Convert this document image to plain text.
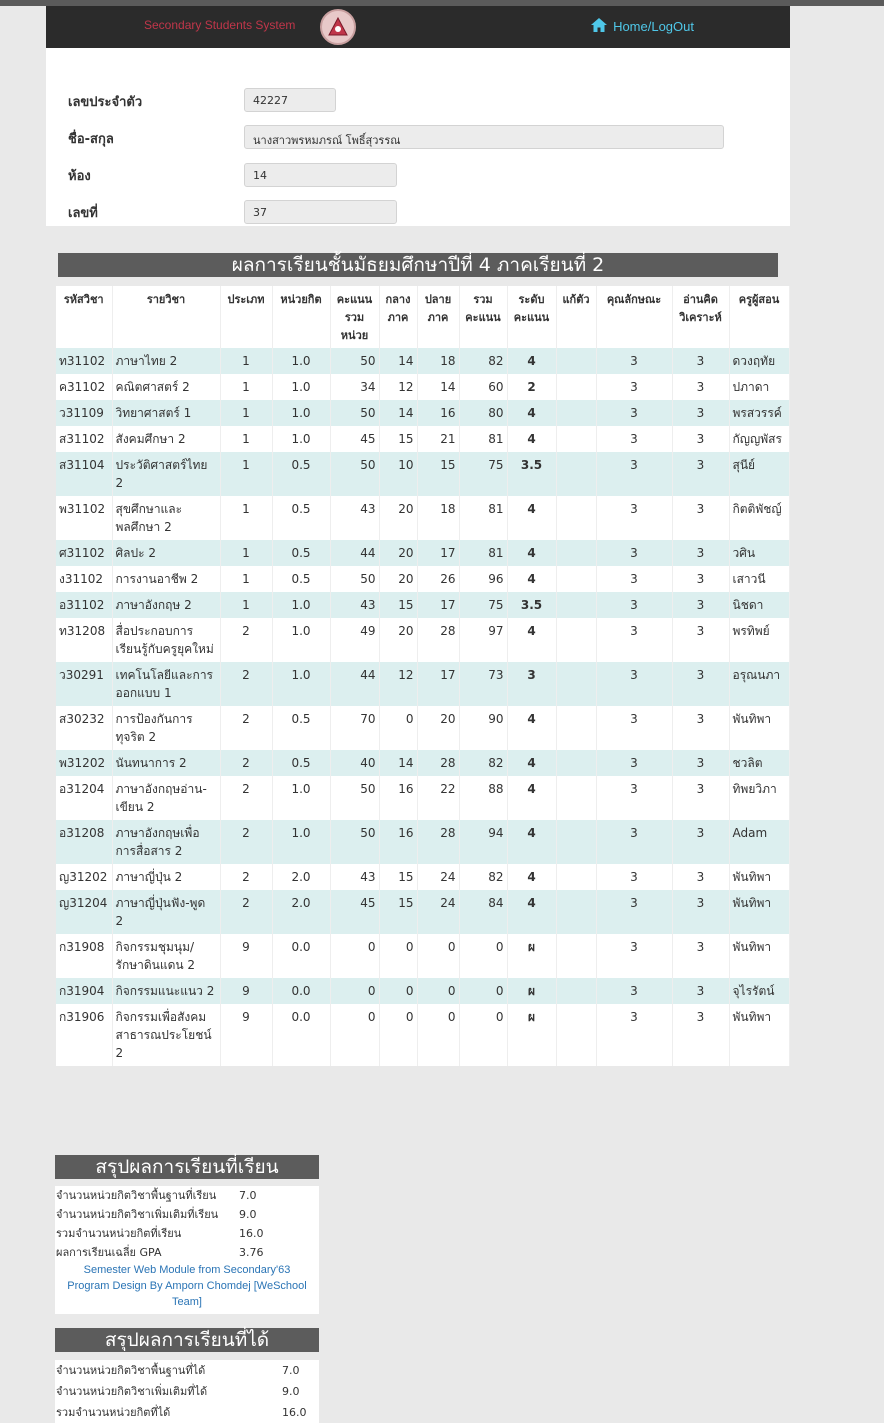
Secondary Students System	Home/LogOut
เลขประจำตัว	42227
ชื่อ-สกุล	นางสาวพรหมภรณ์ โพธิ์สุวรรณ
ห้อง	14
เลขที่	37
ผลการเรียนชั้นมัธยมศึกษาปีที่ 4 ภาคเรียนที่ 2
รหัสวิชา	รายวิชา	ประเภท	หน่วยกิต	คะแนนรวมหน่วย	กลางภาค	ปลายภาค	รวมคะแนน	ระดับคะแนน	แก้ตัว	คุณลักษณะ	อ่านคิดวิเคราะห์	ครูผู้สอน
ท31102	ภาษาไทย 2	1	1.0	50	14	18	82	4		3	3	ดวงฤทัย
ค31102	คณิตศาสตร์ 2	1	1.0	34	12	14	60	2		3	3	ปภาดา
ว31109	วิทยาศาสตร์ 1	1	1.0	50	14	16	80	4		3	3	พรสวรรค์
ส31102	สังคมศึกษา 2	1	1.0	45	15	21	81	4		3	3	กัญญพัสร
ส31104	ประวัติศาสตร์ไทย 2	1	0.5	50	10	15	75	3.5		3	3	สุนีย์
พ31102	สุขศึกษาและพลศึกษา 2	1	0.5	43	20	18	81	4		3	3	กิตติพัชญ์
ศ31102	ศิลปะ 2	1	0.5	44	20	17	81	4		3	3	วศิน
ง31102	การงานอาชีพ 2	1	0.5	50	20	26	96	4		3	3	เสาวนี
อ31102	ภาษาอังกฤษ 2	1	1.0	43	15	17	75	3.5		3	3	นิชดา
ท31208	สื่อประกอบการเรียนรู้กับครูยุคใหม่	2	1.0	49	20	28	97	4		3	3	พรทิพย์
ว30291	เทคโนโลยีและการออกแบบ 1	2	1.0	44	12	17	73	3		3	3	อรุณนภา
ส30232	การป้องกันการทุจริต 2	2	0.5	70	0	20	90	4		3	3	พันทิพา
พ31202	นันทนาการ 2	2	0.5	40	14	28	82	4		3	3	ชวลิต
อ31204	ภาษาอังกฤษอ่าน-เขียน 2	2	1.0	50	16	22	88	4		3	3	ทิพยวิภา
อ31208	ภาษาอังกฤษเพื่อการสื่อสาร 2	2	1.0	50	16	28	94	4		3	3	Adam
ญ31202	ภาษาญี่ปุ่น 2	2	2.0	43	15	24	82	4		3	3	พันทิพา
ญ31204	ภาษาญี่ปุ่นฟัง-พูด 2	2	2.0	45	15	24	84	4		3	3	พันทิพา
ก31908	กิจกรรมชุมนุม/รักษาดินแดน 2	9	0.0	0	0	0	0	ผ		3	3	พันทิพา
ก31904	กิจกรรมแนะแนว 2	9	0.0	0	0	0	0	ผ		3	3	จุไรรัตน์
ก31906	กิจกรรมเพื่อสังคมสาธารณประโยชน์ 2	9	0.0	0	0	0	0	ผ		3	3	พันทิพา
สรุปผลการเรียนที่เรียน
จำนวนหน่วยกิตวิชาพื้นฐานที่เรียน 7.0
จำนวนหน่วยกิตวิชาเพิ่มเติมที่เรียน 9.0
รวมจำนวนหน่วยกิตที่เรียน	16.0
ผลการเรียนเฉลี่ย GPA	3.76
Semester Web Module from Secondary'63
Program Design By Amporn Chomdej [WeSchool Team]
สรุปผลการเรียนที่ได้
จำนวนหน่วยกิตวิชาพื้นฐานที่ได้	7.0
จำนวนหน่วยกิตวิชาเพิ่มเติมที่ได้	9.0
รวมจำนวนหน่วยกิตที่ได้	16.0
